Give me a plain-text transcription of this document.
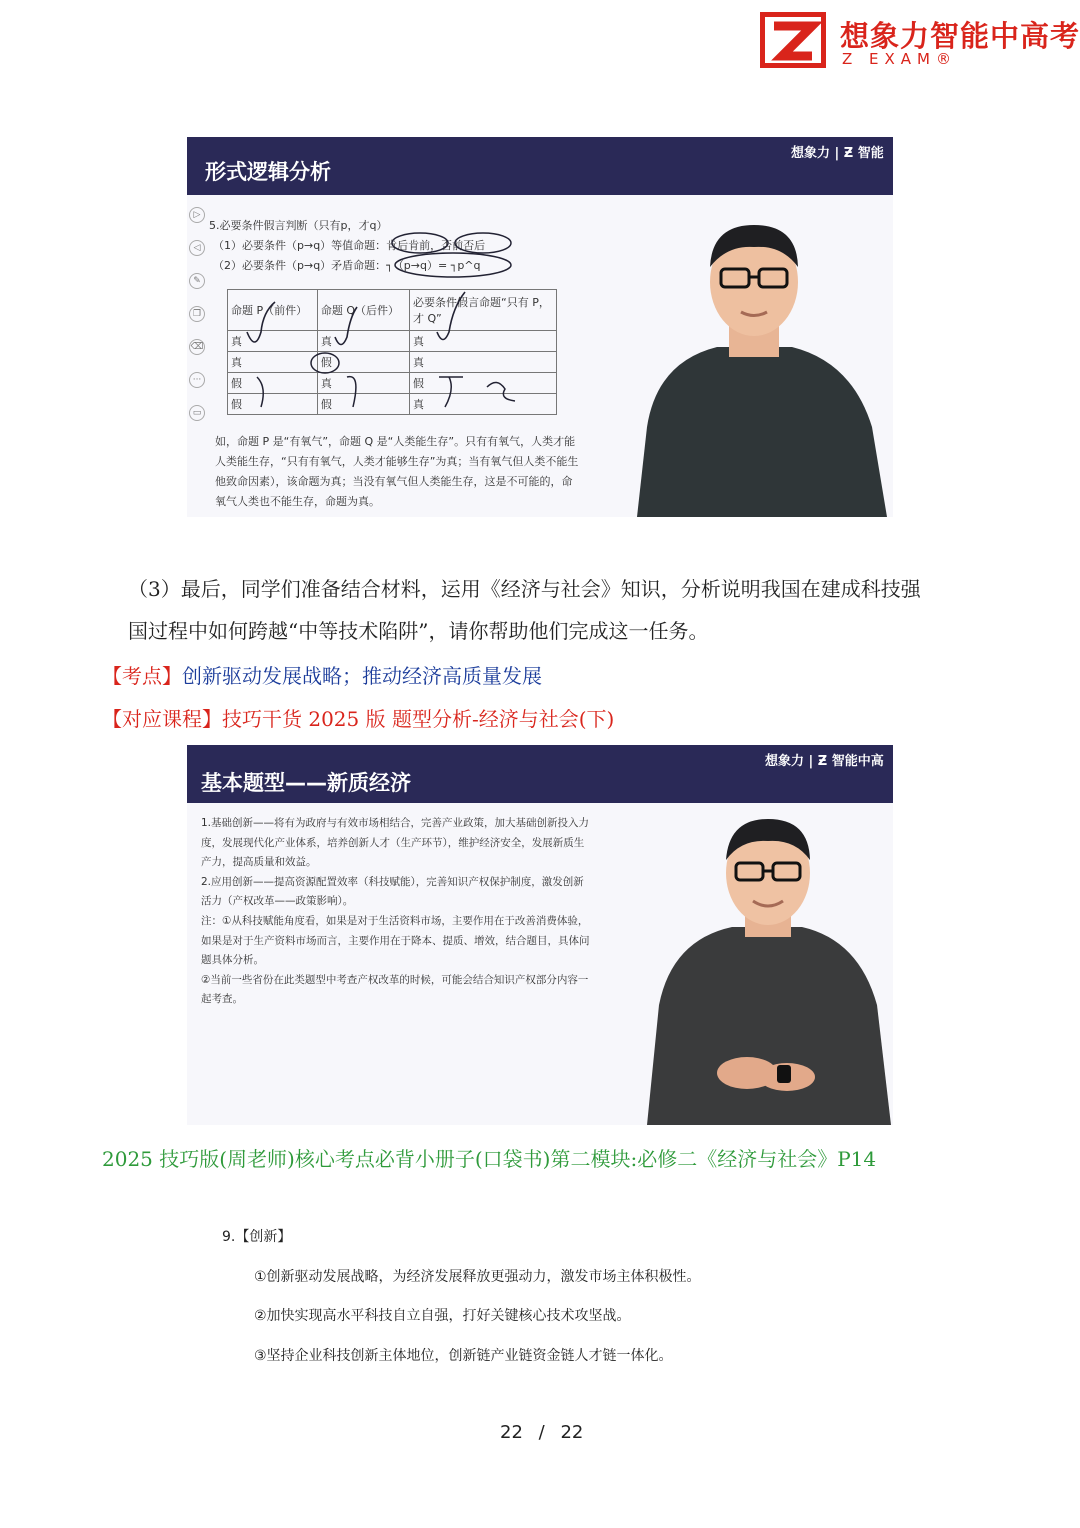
想象力智能中高考
Z EXAM®
形式逻辑分析
想象力 | Ƶ 智能
▷
◁
✎
❐
⌫
···
▭
5.必要条件假言判断（只有p，才q）
（1）必要条件（p→q）等值命题：肯后肯前，否前否后
（2）必要条件（p→q）矛盾命题：┐（p→q）= ┐p^q
命题 P（前件）	命题 Q（后件）	必要条件假言命题“只有 P，才 Q”
真	真	真
真	假	真
假	真	假
假	假	真
如，命题 P 是“有氧气”，命题 Q 是“人类能生存”。只有有氧气，人类才能
人类能生存，“只有有氧气，人类才能够生存”为真；当有氧气但人类不能生
他致命因素），该命题为真；当没有氧气但人类能生存，这是不可能的，命
氧气人类也不能生存，命题为真。
（3）最后，同学们准备结合材料，运用《经济与社会》知识，分析说明我国在建成科技强
国过程中如何跨越“中等技术陷阱”，请你帮助他们完成这一任务。
【考点】创新驱动发展战略；推动经济高质量发展
【对应课程】技巧干货 2025 版 题型分析-经济与社会(下)
基本题型——新质经济
想象力 | Ƶ 智能中高
1.基础创新——将有为政府与有效市场相结合，完善产业政策，加大基础创新投入力
度，发展现代化产业体系，培养创新人才（生产环节），维护经济安全，发展新质生
产力，提高质量和效益。
2.应用创新——提高资源配置效率（科技赋能），完善知识产权保护制度，激发创新
活力（产权改革——政策影响）。
注：①从科技赋能角度看，如果是对于生活资料市场，主要作用在于改善消费体验，
如果是对于生产资料市场而言，主要作用在于降本、提质、增效，结合题目，具体问
题具体分析。
②当前一些省份在此类题型中考查产权改革的时候，可能会结合知识产权部分内容一
起考查。
2025 技巧版(周老师)核心考点必背小册子(口袋书)第二模块:必修二《经济与社会》P14
9.【创新】
①创新驱动发展战略，为经济发展释放更强动力，激发市场主体积极性。
②加快实现高水平科技自立自强，打好关键核心技术攻坚战。
③坚持企业科技创新主体地位，创新链产业链资金链人才链一体化。
22 / 22
